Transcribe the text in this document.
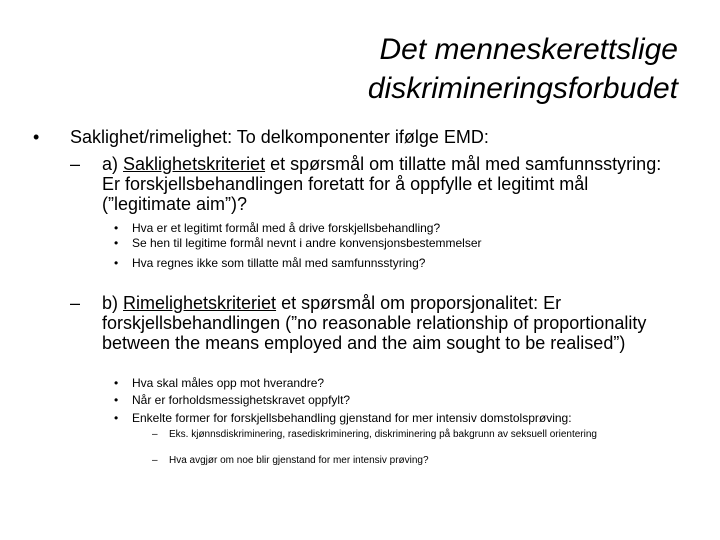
Det menneskerettslige
diskrimineringsforbudet
• Saklighet/rimelighet: To delkomponenter ifølge EMD:
– a) Saklighetskriteriet et spørsmål om tillatte mål med samfunnsstyring: Er forskjellsbehandlingen foretatt for å oppfylle et legitimt mål (”legitimate aim”)?
• Hva er et legitimt formål med å drive forskjellsbehandling?
• Se hen til legitime formål nevnt i andre konvensjonsbestemmelser
• Hva regnes ikke som tillatte mål med samfunnsstyring?
– b) Rimelighetskriteriet et spørsmål om proporsjonalitet: Er forskjellsbehandlingen (”no reasonable relationship of proportionality between the means employed and the aim sought to be realised”)
• Hva skal måles opp mot hverandre?
• Når er forholdsmessighetskravet oppfylt?
• Enkelte former for forskjellsbehandling gjenstand for mer intensiv domstolsprøving:
– Eks. kjønnsdiskriminering, rasediskriminering, diskriminering på bakgrunn av seksuell orientering
– Hva avgjør om noe blir gjenstand for mer intensiv prøving?
